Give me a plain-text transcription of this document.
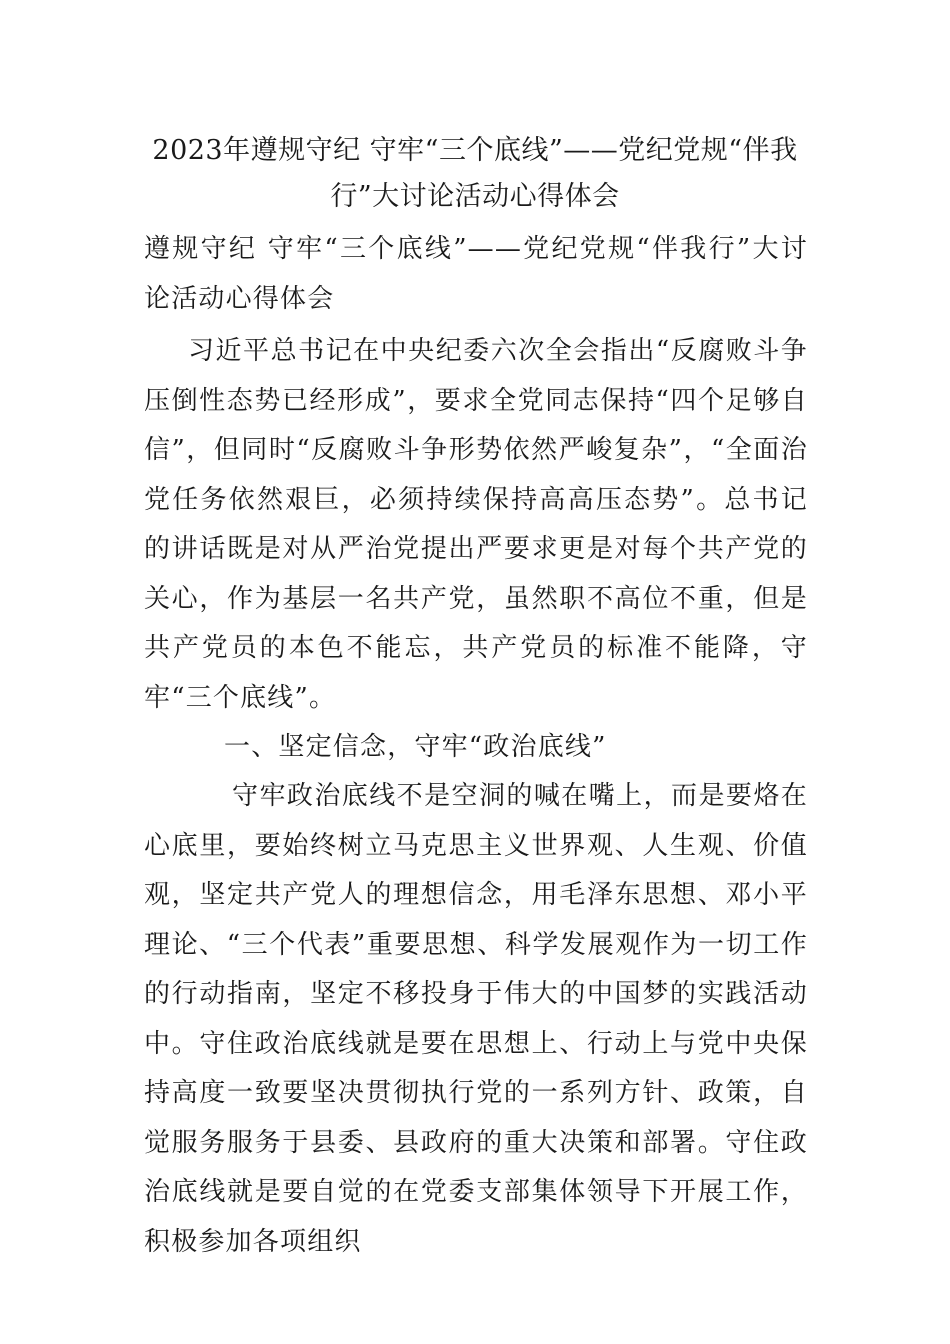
2023年遵规守纪 守牢“三个底线”——党纪党规“伴我行”大讨论活动心得体会
遵规守纪 守牢“三个底线”——党纪党规“伴我行”大讨论活动心得体会
习近平总书记在中央纪委六次全会指出“反腐败斗争压倒性态势已经形成”，要求全党同志保持“四个足够自信”，但同时“反腐败斗争形势依然严峻复杂”，“全面治党任务依然艰巨，必须持续保持高高压态势”。总书记的讲话既是对从严治党提出严要求更是对每个共产党的关心，作为基层一名共产党，虽然职不高位不重，但是共产党员的本色不能忘，共产党员的标准不能降，守牢“三个底线”。
一、坚定信念，守牢“政治底线”
守牢政治底线不是空洞的喊在嘴上，而是要烙在心底里，要始终树立马克思主义世界观、人生观、价值观，坚定共产党人的理想信念，用毛泽东思想、邓小平理论、“三个代表”重要思想、科学发展观作为一切工作的行动指南，坚定不移投身于伟大的中国梦的实践活动中。守住政治底线就是要在思想上、行动上与党中央保持高度一致要坚决贯彻执行党的一系列方针、政策，自觉服务服务于县委、县政府的重大决策和部署。守住政治底线就是要自觉的在党委支部集体领导下开展工作，积极参加各项组织
